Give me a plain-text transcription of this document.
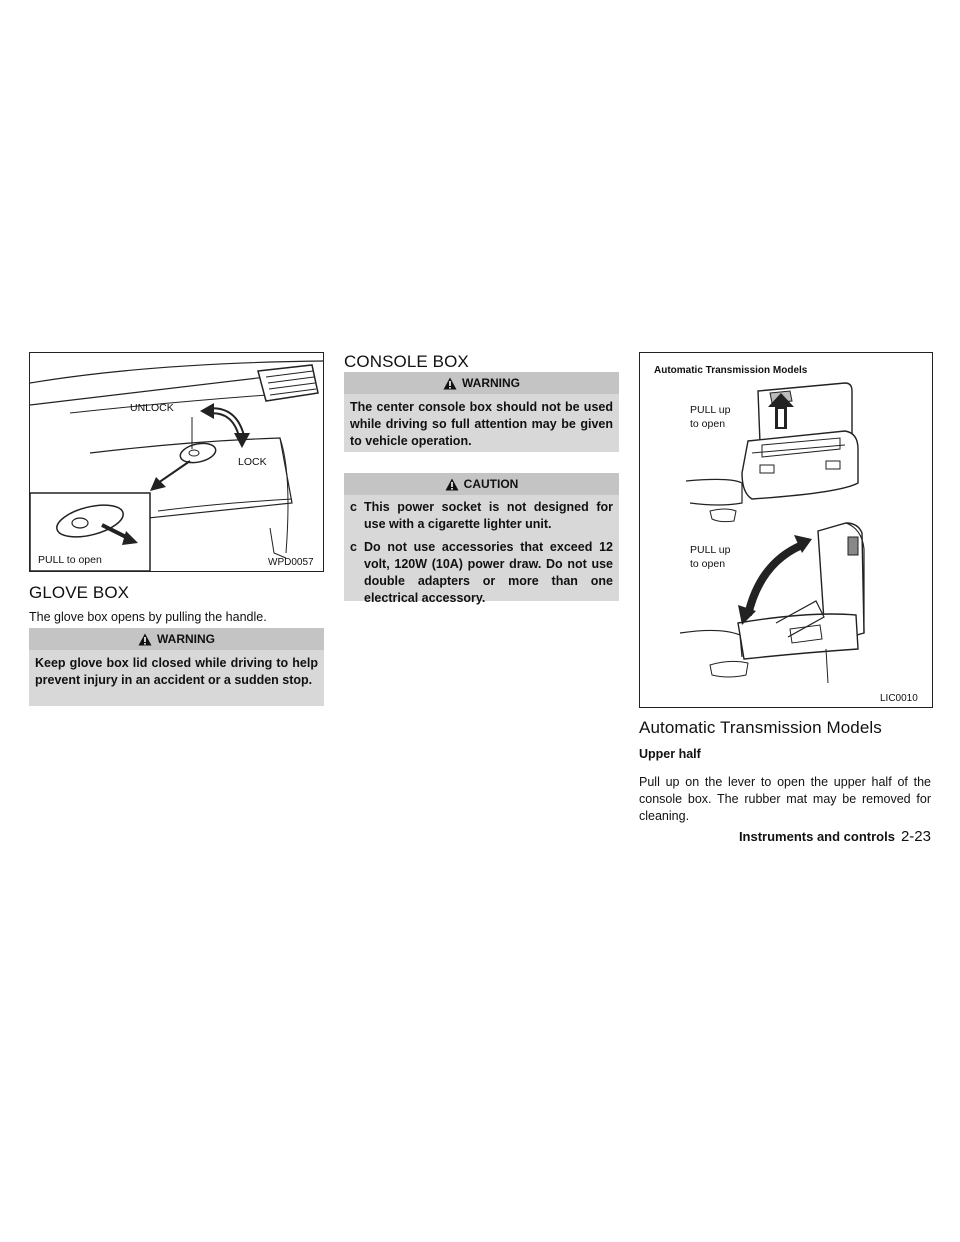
UNLOCK
LOCK
PULL to open	WPD0057
GLOVE BOX
The glove box opens by pulling the handle.
WARNING
Keep glove box lid closed while driving to help prevent injury in an accident or a sudden stop.
CONSOLE BOX
WARNING
The center console box should not be used while driving so full attention may be given to vehicle operation.
CAUTION
c This power socket is not designed for use with a cigarette lighter unit.
c Do not use accessories that exceed 12 volt, 120W (10A) power draw. Do not use double adapters or more than one electrical accessory.
Automatic Transmission Models
PULL up
to open
PULL up
to open
LIC0010
Automatic Transmission Models
Upper half
Pull up on the lever to open the upper half of the console box. The rubber mat may be removed for cleaning.
Instruments and controls 2-23
